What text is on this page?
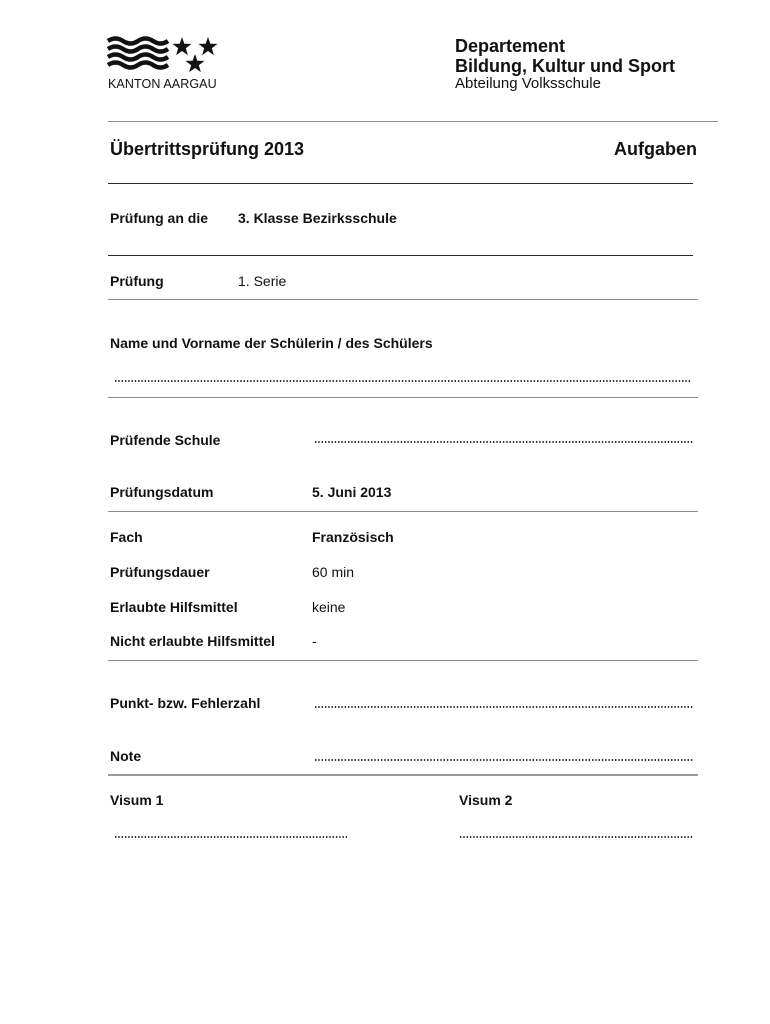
KANTON AARGAU
Departement
Bildung, Kultur und Sport
Abteilung Volksschule
Übertrittsprüfung 2013	Aufgaben
Prüfung an die 3. Klasse Bezirksschule
Prüfung	1. Serie
Name und Vorname der Schülerin / des Schülers
Prüfende Schule
Prüfungsdatum	5. Juni 2013
Fach	Französisch
Prüfungsdauer	60 min
Erlaubte Hilfsmittel	keine
Nicht erlaubte Hilfsmittel	-
Punkt- bzw. Fehlerzahl
Note
Visum 1	Visum 2
